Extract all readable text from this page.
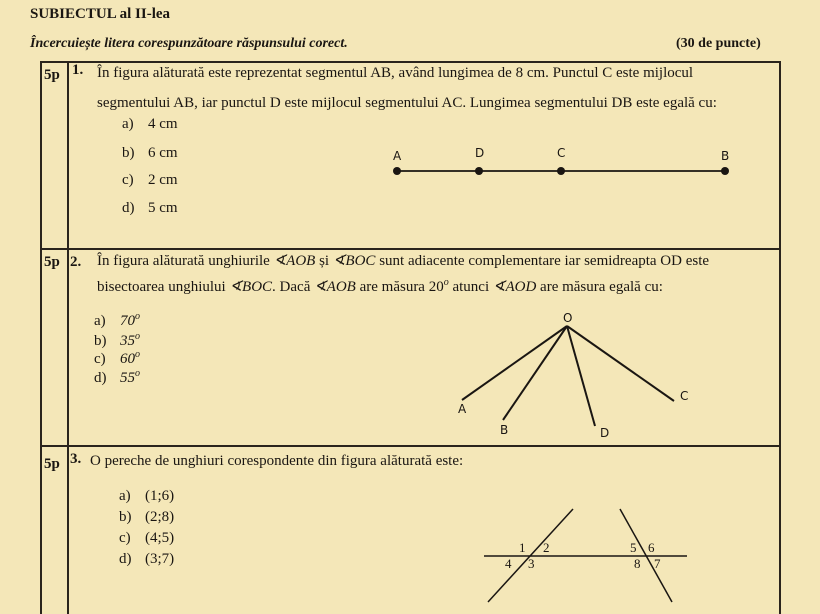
SUBIECTUL al II-lea
Încercuiește litera corespunzătoare răspunsului corect.	(30 de puncte)
5p 1. În figura alăturată este reprezentat segmentul AB, având lungimea de 8 cm. Punctul C este mijlocul
segmentului AB, iar punctul D este mijlocul segmentului AC. Lungimea segmentului DB este egală cu:
a) 4 cm
b) 6 cm
c) 2 cm
d) 5 cm
5p 2. În figura alăturată unghiurile ∢AOB și ∢BOC sunt adiacente complementare iar semidreapta OD este
bisectoarea unghiului ∢BOC. Dacă ∢AOB are măsura 20$^o$ atunci ∢AOD are măsura egală cu:
a) 70$^o$
b) 35$^o$
c) 60$^o$
d) 55$^o$
5p 3. O pereche de unghiuri corespondente din figura alăturată este:
a) (1;6)
b) (2;8)
c) (4;5)
d) (3;7)
A	D	C	B
O
A
B	D
C
1 2
3
4
5 6
7
8
